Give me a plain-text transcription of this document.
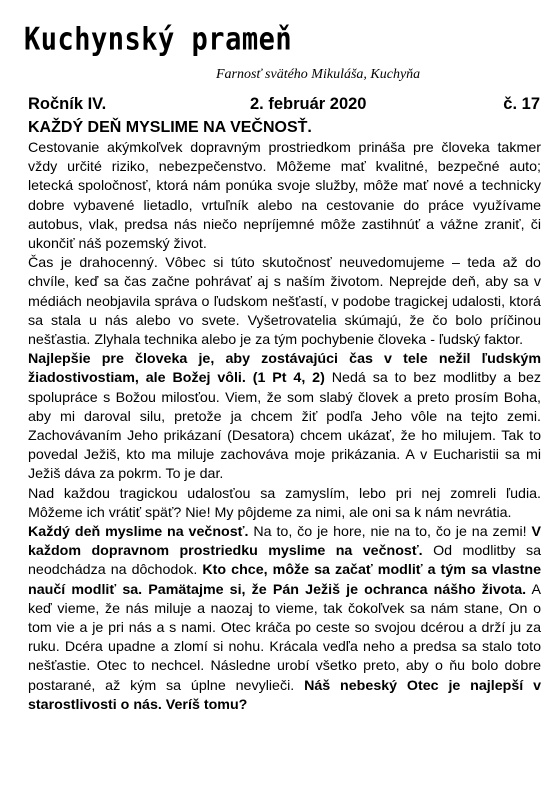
Kuchynský prameň
Farnosť svätého Mikuláša, Kuchyňa
Ročník IV.	2. február 2020	č. 17
KAŽDÝ DEŇ MYSLIME NA VEČNOSŤ.

Cestovanie akýmkoľvek dopravným prostriedkom prináša pre človeka takmer vždy určité riziko, nebezpečenstvo. Môžeme mať kvalitné, bezpečné auto; letecká spoločnosť, ktorá nám ponúka svoje služby, môže mať nové a technicky dobre vybavené lietadlo, vrtuľník alebo na cestovanie do práce využívame autobus, vlak, predsa nás niečo nepríjemné môže zastihnúť a vážne zraniť, či ukončiť náš pozemský život.

Čas je drahocenný. Vôbec si túto skutočnosť neuvedomujeme – teda až do chvíle, keď sa čas začne pohrávať aj s naším životom. Neprejde deň, aby sa v médiách neobjavila správa o ľudskom nešťastí, v podobe tragickej udalosti, ktorá sa stala u nás alebo vo svete. Vyšetrovatelia skúmajú, že čo bolo príčinou nešťastia. Zlyhala technika alebo je za tým pochybenie človeka - ľudský faktor.

Najlepšie pre človeka je, aby zostávajúci čas v tele nežil ľudským žiadostivostiam, ale Božej vôli. (1 Pt 4, 2) Nedá sa to bez modlitby a bez spolupráce s Božou milosťou. Viem, že som slabý človek a preto prosím Boha, aby mi daroval silu, pretože ja chcem žiť podľa Jeho vôle na tejto zemi. Zachovávaním Jeho prikázaní (Desatora) chcem ukázať, že ho milujem. Tak to povedal Ježiš, kto ma miluje zachováva moje prikázania. A v Eucharistii sa mi Ježiš dáva za pokrm. To je dar.

Nad každou tragickou udalosťou sa zamyslím, lebo pri nej zomreli ľudia. Môžeme ich vrátiť späť? Nie! My pôjdeme za nimi, ale oni sa k nám nevrátia.

Každý deň myslime na večnosť. Na to, čo je hore, nie na to, čo je na zemi! V každom dopravnom prostriedku myslime na večnosť. Od modlitby sa neodchádza na dôchodok. Kto chce, môže sa začať modliť a tým sa vlastne naučí modliť sa. Pamätajme si, že Pán Ježiš je ochranca nášho života. A keď vieme, že nás miluje a naozaj to vieme, tak čokoľvek sa nám stane, On o tom vie a je pri nás a s nami. Otec kráča po ceste so svojou dcérou a drží ju za ruku. Dcéra upadne a zlomí si nohu. Krácala vedľa neho a predsa sa stalo toto nešťastie. Otec to nechcel. Následne urobí všetko preto, aby o ňu bolo dobre postarané, až kým sa úplne nevylieči. Náš nebeský Otec je najlepší v starostlivosti o nás. Veríš tomu?
